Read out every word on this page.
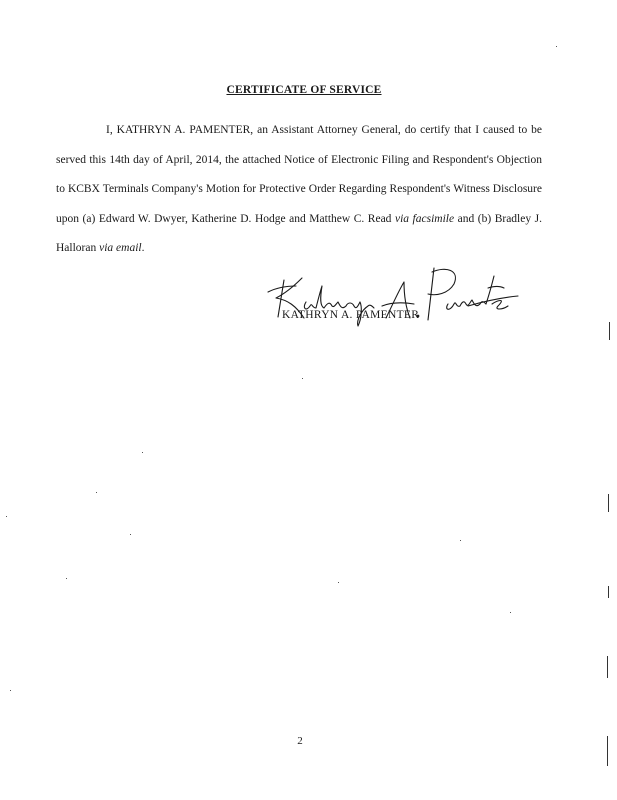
CERTIFICATE OF SERVICE

I, KATHRYN A. PAMENTER, an Assistant Attorney General, do certify that I caused to be served this 14th day of April, 2014, the attached Notice of Electronic Filing and Respondent's Objection to KCBX Terminals Company's Motion for Protective Order Regarding Respondent's Witness Disclosure upon (a) Edward W. Dwyer, Katherine D. Hodge and Matthew C. Read via facsimile and (b) Bradley J. Halloran via email.

KATHRYN A. PAMENTER
2
